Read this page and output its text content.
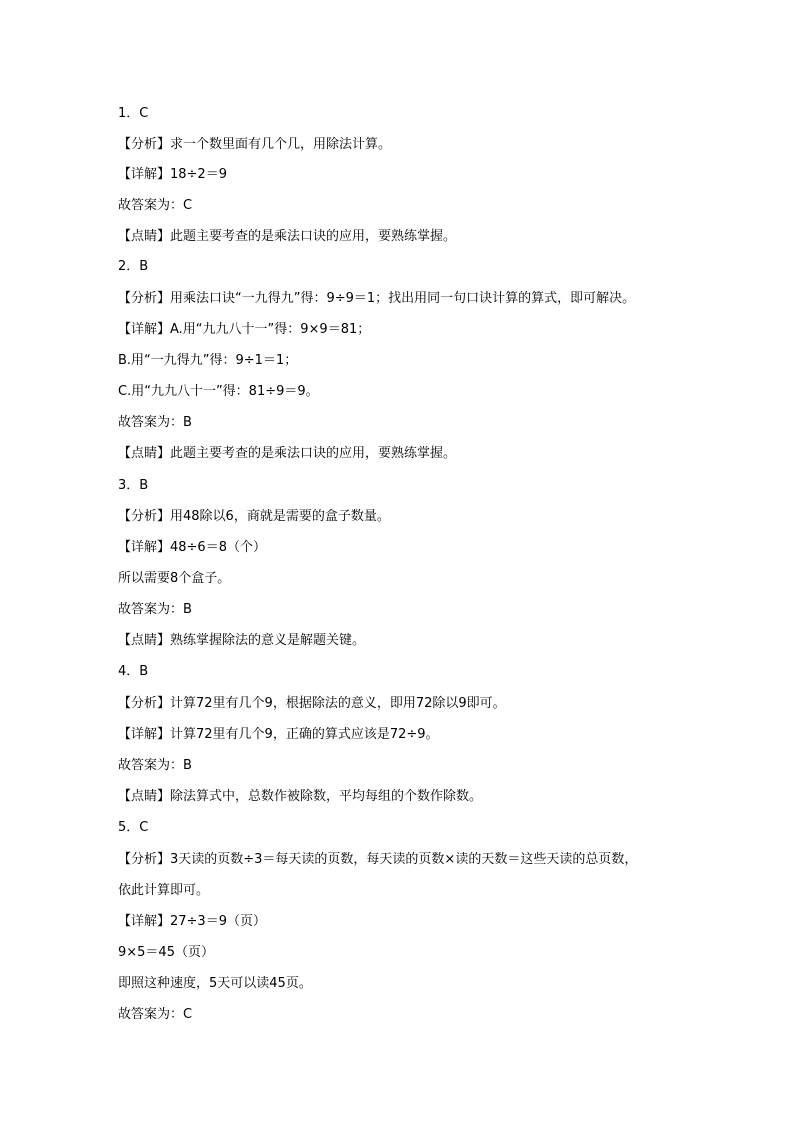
1．C
【分析】求一个数里面有几个几，用除法计算。
【详解】18÷2＝9
故答案为：C
【点睛】此题主要考查的是乘法口诀的应用，要熟练掌握。
2．B
【分析】用乘法口诀“一九得九”得：9÷9＝1；找出用同一句口诀计算的算式，即可解决。
【详解】A.用“九九八十一”得：9×9＝81；
B.用“一九得九”得：9÷1＝1；
C.用“九九八十一”得：81÷9＝9。
故答案为：B
【点睛】此题主要考查的是乘法口诀的应用，要熟练掌握。
3．B
【分析】用48除以6，商就是需要的盒子数量。
【详解】48÷6＝8（个）
所以需要8个盒子。
故答案为：B
【点睛】熟练掌握除法的意义是解题关键。
4．B
【分析】计算72里有几个9，根据除法的意义，即用72除以9即可。
【详解】计算72里有几个9，正确的算式应该是72÷9。
故答案为：B
【点睛】除法算式中，总数作被除数，平均每组的个数作除数。
5．C
【分析】3天读的页数÷3＝每天读的页数，每天读的页数×读的天数＝这些天读的总页数，
依此计算即可。
【详解】27÷3＝9（页）
9×5＝45（页）
即照这种速度，5天可以读45页。
故答案为：C
